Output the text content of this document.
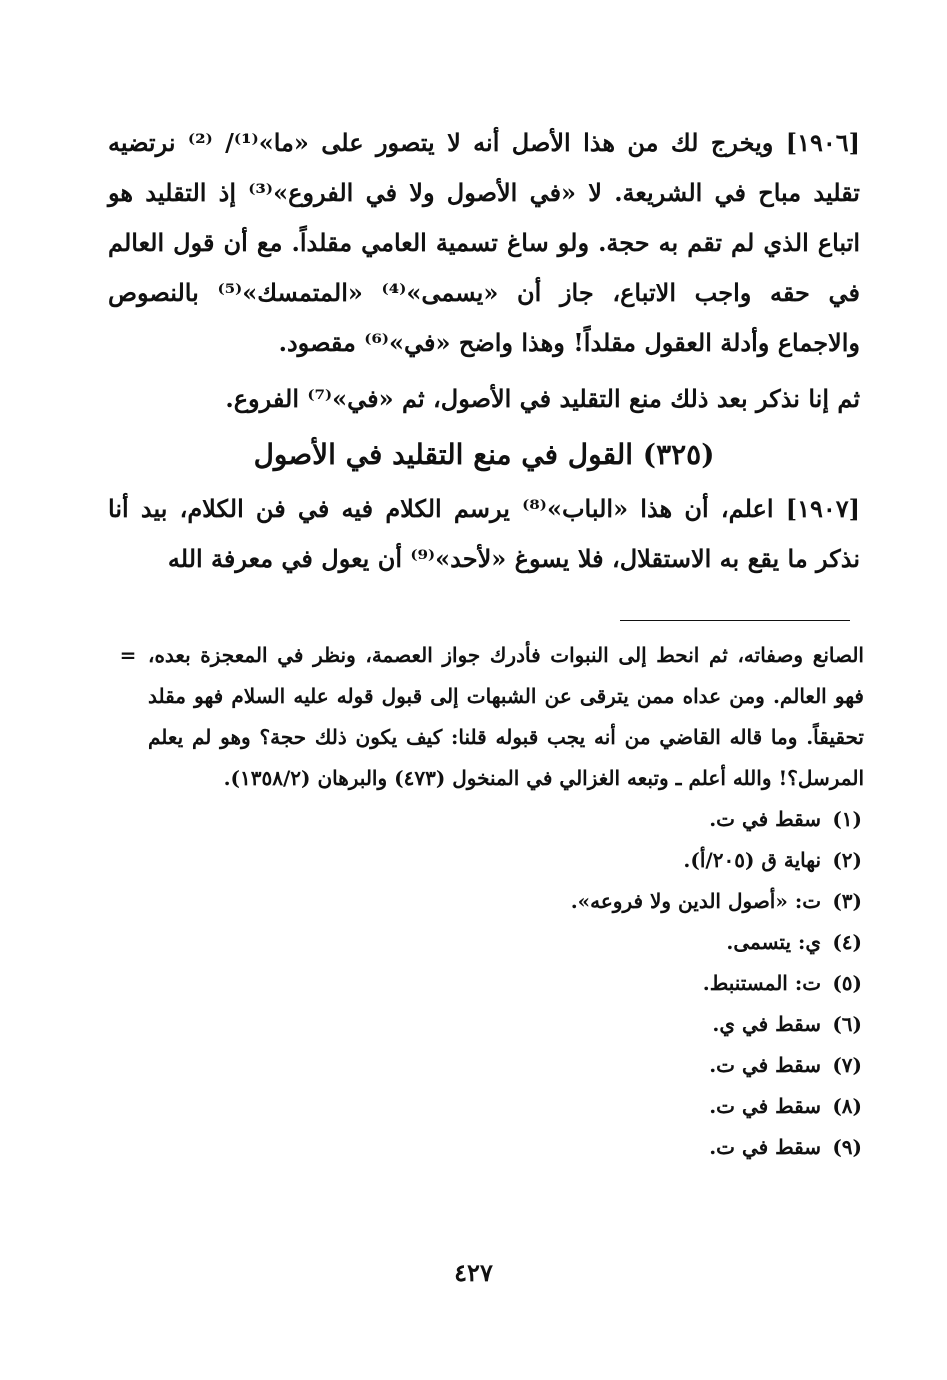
[١٩٠٦] ويخرج لك من هذا الأصل أنه لا يتصور على «ما»⁽¹⁾/ ⁽²⁾ نرتضيه تقليد مباح في الشريعة. لا «في الأصول ولا في الفروع»⁽³⁾ إذ التقليد هو اتباع الذي لم تقم به حجة. ولو ساغ تسمية العامي مقلداً. مع أن قول العالم في حقه واجب الاتباع، جاز أن «يسمى»⁽⁴⁾ «المتمسك»⁽⁵⁾ بالنصوص والاجماع وأدلة العقول مقلداً! وهذا واضح «في»⁽⁶⁾ مقصود.

ثم إنا نذكر بعد ذلك منع التقليد في الأصول، ثم «في»⁽⁷⁾ الفروع.

(٣٢٥) القول في منع التقليد في الأصول

[١٩٠٧] اعلم، أن هذا «الباب»⁽⁸⁾ يرسم الكلام فيه في فن الكلام، بيد أنا نذكر ما يقع به الاستقلال، فلا يسوغ «لأحد»⁽⁹⁾ أن يعول في معرفة الله

الصانع وصفاته، ثم انحط إلى النبوات فأدرك جواز العصمة، ونظر في المعجزة بعده، فهو العالم. ومن عداه ممن يترقى عن الشبهات إلى قبول قوله عليه السلام فهو مقلد تحقيقاً. وما قاله القاضي من أنه يجب قبوله قلنا: كيف يكون ذلك حجة؟ وهو لم يعلم المرسل؟! والله أعلم ـ وتبعه الغزالي في المنخول (٤٧٣) والبرهان (١٣٥٨/٢).
=
(١) سقط في ت.
(٢) نهاية ق (٢٠٥/أ).
(٣) ت: «أصول الدين ولا فروعه».
(٤) ي: يتسمى.
(٥) ت: المستنبط.
(٦) سقط في ي.
(٧) سقط في ت.
(٨) سقط في ت.
(٩) سقط في ت.
٤٢٧
